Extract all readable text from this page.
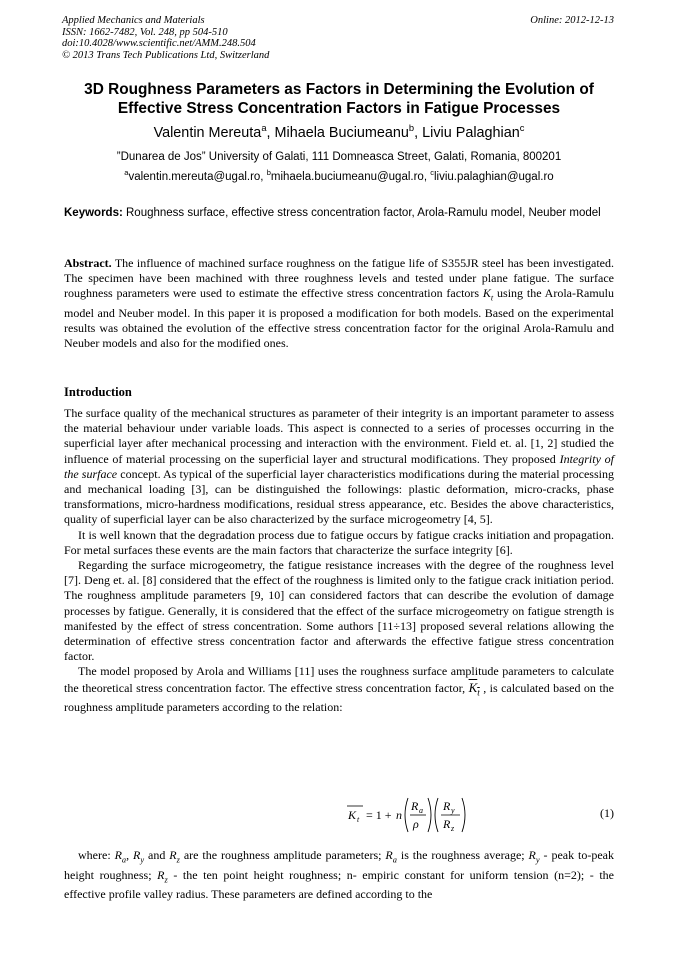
Applied Mechanics and Materials
ISSN: 1662-7482, Vol. 248, pp 504-510
doi:10.4028/www.scientific.net/AMM.248.504
© 2013 Trans Tech Publications Ltd, Switzerland
Online: 2012-12-13
3D Roughness Parameters as Factors in Determining the Evolution of
Effective Stress Concentration Factors in Fatigue Processes
Valentin Mereuta$^a$, Mihaela Buciumeanu$^b$, Liviu Palaghian$^c$
”Dunarea de Jos” University of Galati, 111 Domneasca Street, Galati, Romania, 800201
$^a$valentin.mereuta@ugal.ro, $^b$mihaela.buciumeanu@ugal.ro, $^c$liviu.palaghian@ugal.ro
Keywords: Roughness surface, effective stress concentration factor, Arola-Ramulu model, Neuber model

Abstract. The influence of machined surface roughness on the fatigue life of S355JR steel has been investigated. The specimen have been machined with three roughness levels and tested under plane fatigue. The surface roughness parameters were used to estimate the effective stress concentration factors $K_t$ using the Arola-Ramulu model and Neuber model. In this paper it is proposed a modification for both models. Based on the experimental results was obtained the evolution of the effective stress concentration factor for the original Arola-Ramulu and Neuber models and also for the modified ones.

Introduction

The surface quality of the mechanical structures as parameter of their integrity is an important parameter to assess the material behaviour under variable loads. This aspect is connected to a series of processes occurring in the superficial layer after mechanical processing and interaction with the environment. Field et. al. [1, 2] studied the influence of material processing on the superficial layer and structural modifications. They proposed Integrity of the surface concept. As typical of the superficial layer characteristics modifications during the material processing and mechanical loading [3], can be distinguished the followings: plastic deformation, micro-cracks, phase transformations, micro-hardness modifications, residual stress appearance, etc. Besides the above characteristics, quality of superficial layer can be also characterized by the surface microgeometry [4, 5].

It is well known that the degradation process due to fatigue occurs by fatigue cracks initiation and propagation. For metal surfaces these events are the main factors that characterize the surface integrity [6].

Regarding the surface microgeometry, the fatigue resistance increases with the degree of the roughness level [7]. Deng et. al. [8] considered that the effect of the roughness is limited only to the fatigue crack initiation period. The roughness amplitude parameters [9, 10] can considered factors that can describe the evolution of damage processes by fatigue. Generally, it is considered that the effect of the surface microgeometry on fatigue strength is manifested by the effect of stress concentration. Some authors [11÷13] proposed several relations allowing the determination of effective stress concentration factor and afterwards the effective fatigue stress concentration factor.

The model proposed by Arola and Williams [11] uses the roughness surface amplitude parameters to calculate the theoretical stress concentration factor. The effective stress concentration factor, $K_t$ , is calculated based on the roughness amplitude parameters according to the relation:

K t = 1 + n
R a
ρ
R y
R z
(1)

where: $R_a$, $R_y$ and $R_z$ are the roughness amplitude parameters; $R_a$ is the roughness average; $R_y$ - peak to-peak height roughness; $R_z$ - the ten point height roughness; n- empiric constant for uniform tension (n=2); - the effective profile valley radius. These parameters are defined according to the
